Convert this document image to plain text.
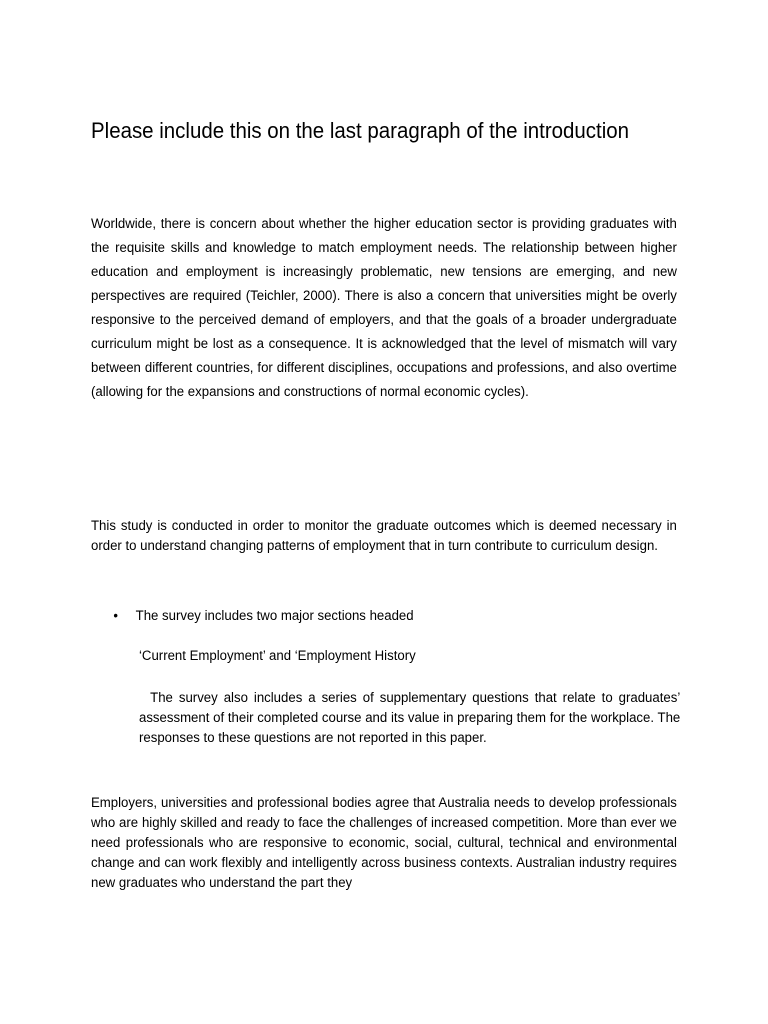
Please include this on the last paragraph of the introduction

Worldwide, there is concern about whether the higher education sector is providing graduates with the requisite skills and knowledge to match employment needs. The relationship between higher education and employment is increasingly problematic, new tensions are emerging, and new perspectives are required (Teichler, 2000). There is also a concern that universities might be overly responsive to the perceived demand of employers, and that the goals of a broader undergraduate curriculum might be lost as a consequence. It is acknowledged that the level of mismatch will vary between different countries, for different disciplines, occupations and professions, and also overtime (allowing for the expansions and constructions of normal economic cycles).

This study is conducted in order to monitor the graduate outcomes which is deemed necessary in order to understand changing patterns of employment that in turn contribute to curriculum design.

• The survey includes two major sections headed
‘Current Employment’ and ‘Employment History

The survey also includes a series of supplementary questions that relate to graduates’ assessment of their completed course and its value in preparing them for the workplace. The responses to these questions are not reported in this paper.

Employers, universities and professional bodies agree that Australia needs to develop professionals who are highly skilled and ready to face the challenges of increased competition. More than ever we need professionals who are responsive to economic, social, cultural, technical and environmental change and can work flexibly and intelligently across business contexts. Australian industry requires new graduates who understand the part they
